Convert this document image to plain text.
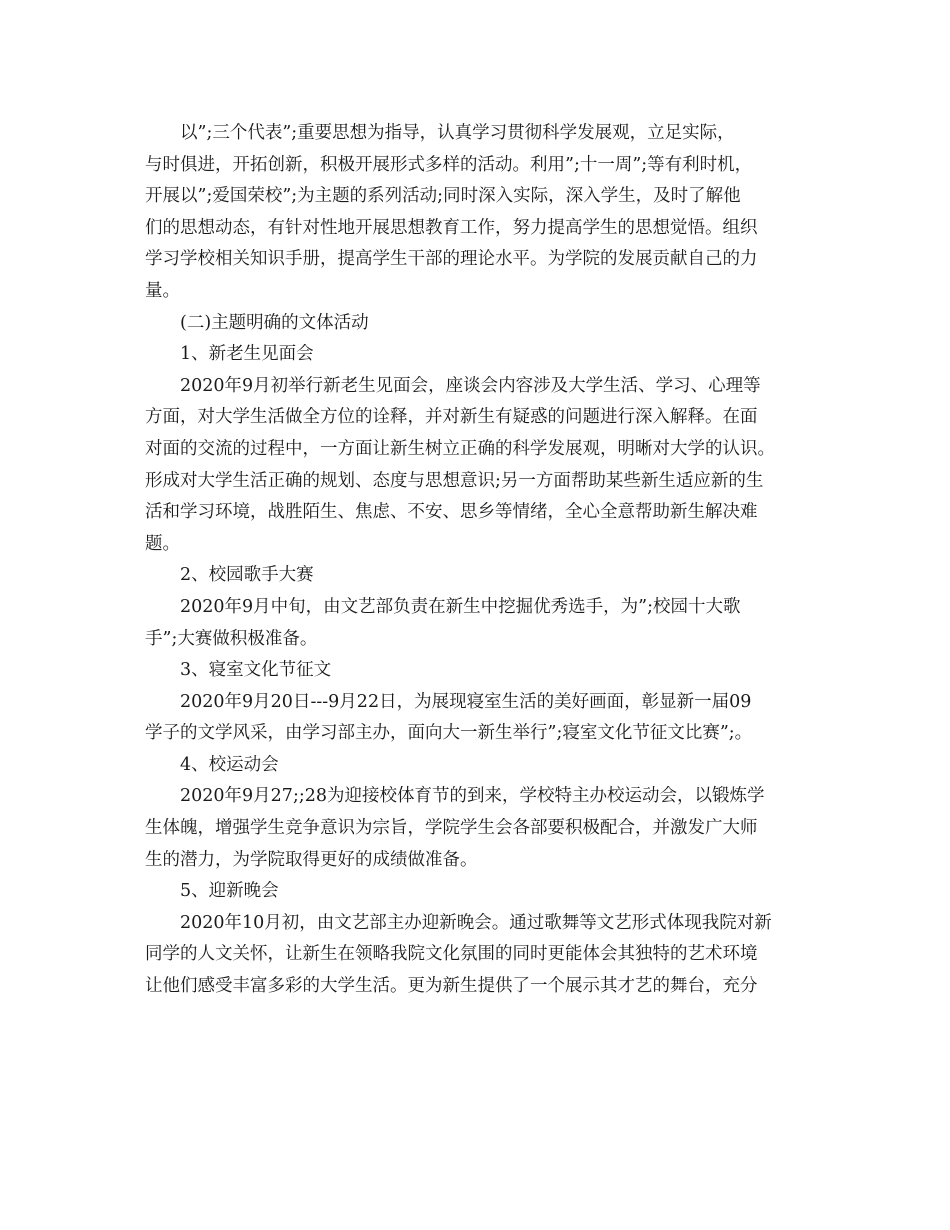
以”;三个代表”;重要思想为指导，认真学习贯彻科学发展观，立足实际，
与时俱进，开拓创新，积极开展形式多样的活动。利用”;十一周”;等有利时机，
开展以”;爱国荣校”;为主题的系列活动;同时深入实际，深入学生，及时了解他
们的思想动态，有针对性地开展思想教育工作，努力提高学生的思想觉悟。组织
学习学校相关知识手册，提高学生干部的理论水平。为学院的发展贡献自己的力
量。
(二)主题明确的文体活动
1、新老生见面会
2020年9月初举行新老生见面会，座谈会内容涉及大学生活、学习、心理等
方面，对大学生活做全方位的诠释，并对新生有疑惑的问题进行深入解释。在面
对面的交流的过程中，一方面让新生树立正确的科学发展观，明晰对大学的认识。
形成对大学生活正确的规划、态度与思想意识;另一方面帮助某些新生适应新的生
活和学习环境，战胜陌生、焦虑、不安、思乡等情绪，全心全意帮助新生解决难
题。
2、校园歌手大赛
2020年9月中旬，由文艺部负责在新生中挖掘优秀选手，为”;校园十大歌
手”;大赛做积极准备。
3、寝室文化节征文
2020年9月20日---9月22日，为展现寝室生活的美好画面，彰显新一届09
学子的文学风采，由学习部主办，面向大一新生举行”;寝室文化节征文比赛”;。
4、校运动会
2020年9月27;;28为迎接校体育节的到来，学校特主办校运动会，以锻炼学
生体魄，增强学生竞争意识为宗旨，学院学生会各部要积极配合，并激发广大师
生的潜力，为学院取得更好的成绩做准备。
5、迎新晚会
2020年10月初，由文艺部主办迎新晚会。通过歌舞等文艺形式体现我院对新
同学的人文关怀，让新生在领略我院文化氛围的同时更能体会其独特的艺术环境
让他们感受丰富多彩的大学生活。更为新生提供了一个展示其才艺的舞台，充分
